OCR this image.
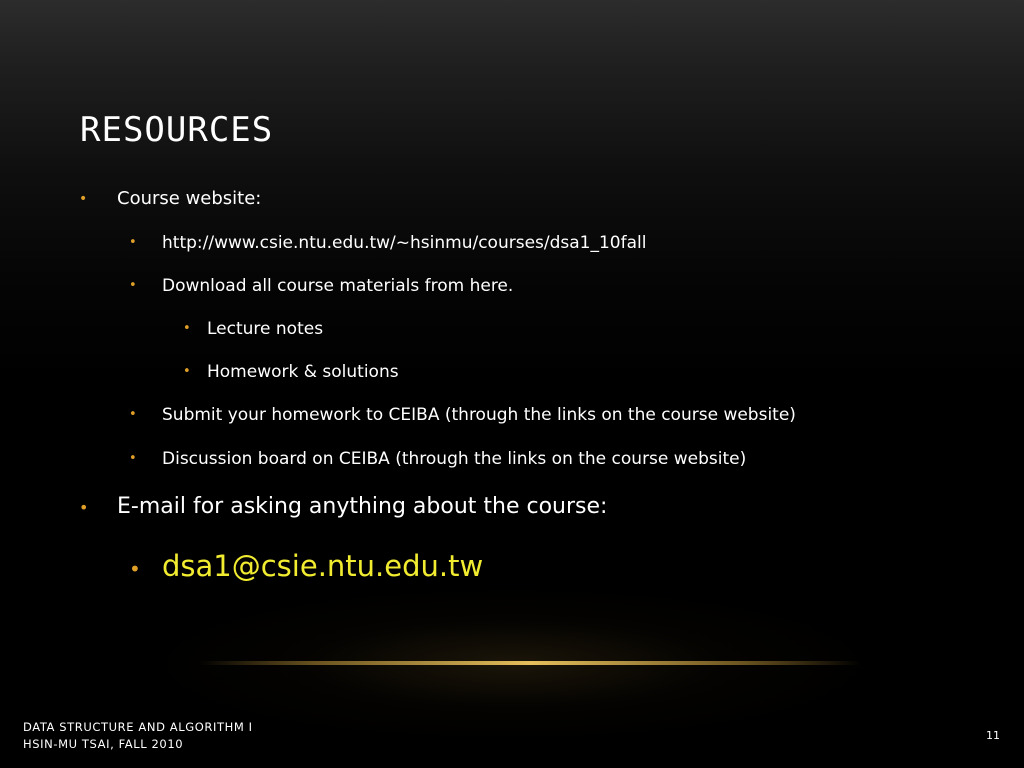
RESOURCES
• Course website:
• http://www.csie.ntu.edu.tw/~hsinmu/courses/dsa1_10fall
• Download all course materials from here.
• Lecture notes
• Homework & solutions
• Submit your homework to CEIBA (through the links on the course website)
• Discussion board on CEIBA (through the links on the course website)
• E-mail for asking anything about the course:
• dsa1@csie.ntu.edu.tw
DATA STRUCTURE AND ALGORITHM I
HSIN-MU TSAI, FALL 2010
11
